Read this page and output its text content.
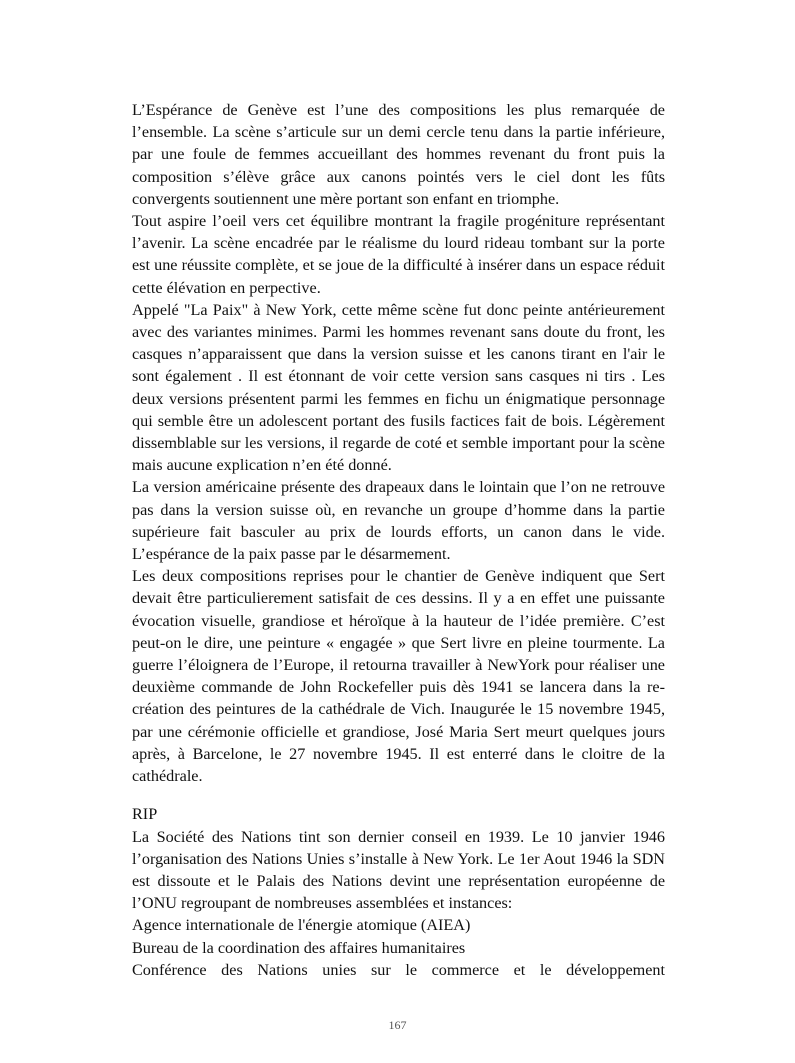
L’Espérance de Genève est l’une des compositions les plus remarquée de l’ensemble. La scène s’articule sur un demi cercle tenu dans la partie inférieure, par une foule de femmes accueillant des hommes revenant du front puis la composition s’élève grâce aux canons pointés vers le ciel dont les fûts convergents soutiennent une mère portant son enfant en triomphe.

Tout aspire l’oeil vers cet équilibre montrant la fragile progéniture représentant l’avenir. La scène encadrée par le réalisme du lourd rideau tombant sur la porte est une réussite complète, et se joue de la difficulté à insérer dans un espace réduit cette élévation en perpective.

Appelé "La Paix" à New York, cette même scène fut donc peinte antérieurement avec des variantes minimes. Parmi les hommes revenant sans doute du front, les casques n’apparaissent que dans la version suisse et les canons tirant en l'air le sont également . Il est étonnant de voir cette version sans casques ni tirs . Les deux versions présentent parmi les femmes en fichu un énigmatique personnage qui semble être un adolescent portant des fusils factices fait de bois. Légèrement dissemblable sur les versions, il regarde de coté et semble important pour la scène mais aucune explication n’en été donné.

La version américaine présente des drapeaux dans le lointain que l’on ne retrouve pas dans la version suisse où, en revanche un groupe d’homme dans la partie supérieure fait basculer au prix de lourds efforts, un canon dans le vide. L’espérance de la paix passe par le désarmement.

Les deux compositions reprises pour le chantier de Genève indiquent que Sert devait être particulierement satisfait de ces dessins. Il y a en effet une puissante évocation visuelle, grandiose et héroïque à la hauteur de l’idée première. C’est peut-on le dire, une peinture « engagée » que Sert livre en pleine tourmente. La guerre l’éloignera de l’Europe, il retourna travailler à NewYork pour réaliser une deuxième commande de John Rockefeller puis dès 1941 se lancera dans la re-création des peintures de la cathédrale de Vich. Inaugurée le 15 novembre 1945, par une cérémonie officielle et grandiose, José Maria Sert meurt quelques jours après, à Barcelone, le 27 novembre 1945. Il est enterré dans le cloitre de la cathédrale.

RIP

La Société des Nations tint son dernier conseil en 1939. Le 10 janvier 1946 l’organisation des Nations Unies s’installe à New York. Le 1er Aout 1946 la SDN est dissoute et le Palais des Nations devint une représentation européenne de l’ONU regroupant de nombreuses assemblées et instances:

Agence internationale de l'énergie atomique (AIEA)

Bureau de la coordination des affaires humanitaires

Conférence des Nations unies sur le commerce et le développement

167
